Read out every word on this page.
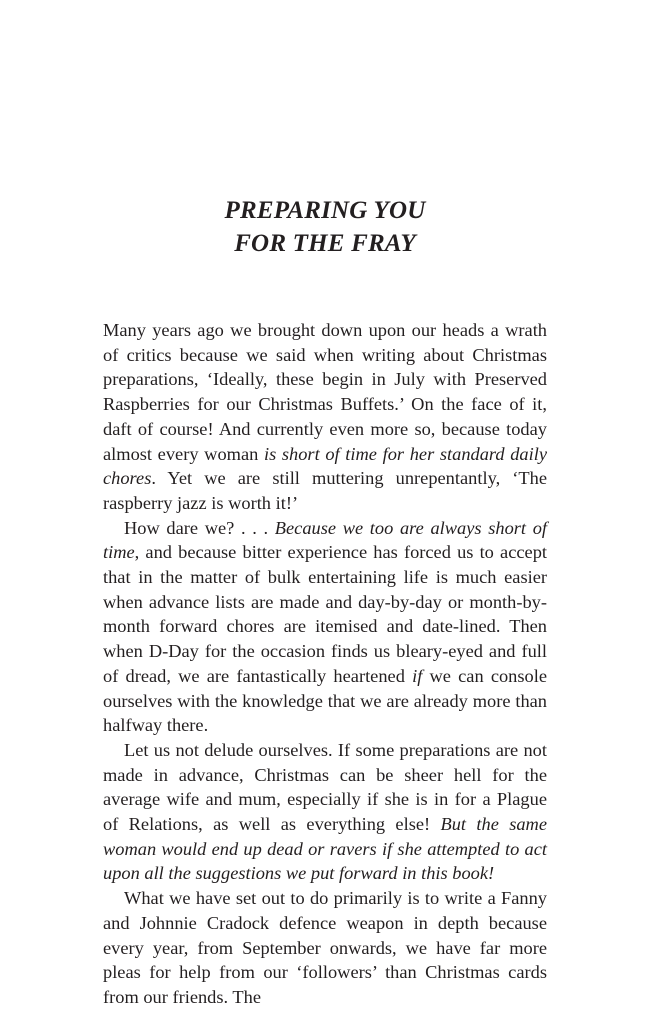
PREPARING YOU
FOR THE FRAY

Many years ago we brought down upon our heads a wrath of critics because we said when writing about Christmas preparations, ‘Ideally, these begin in July with Preserved Raspberries for our Christmas Buffets.’ On the face of it, daft of course! And currently even more so, because today almost every woman is short of time for her standard daily chores. Yet we are still muttering unrepentantly, ‘The raspberry jazz is worth it!’

How dare we? . . . Because we too are always short of time, and because bitter experience has forced us to accept that in the matter of bulk entertaining life is much easier when advance lists are made and day-by-day or month-by-month forward chores are itemised and date-lined. Then when D-Day for the occasion finds us bleary-eyed and full of dread, we are fantastically heartened if we can console ourselves with the knowledge that we are already more than halfway there.

Let us not delude ourselves. If some preparations are not made in advance, Christmas can be sheer hell for the average wife and mum, especially if she is in for a Plague of Relations, as well as everything else! But the same woman would end up dead or ravers if she attempted to act upon all the suggestions we put forward in this book!

What we have set out to do primarily is to write a Fanny and Johnnie Cradock defence weapon in depth because every year, from September onwards, we have far more pleas for help from our ‘followers’ than Christmas cards from our friends. The
